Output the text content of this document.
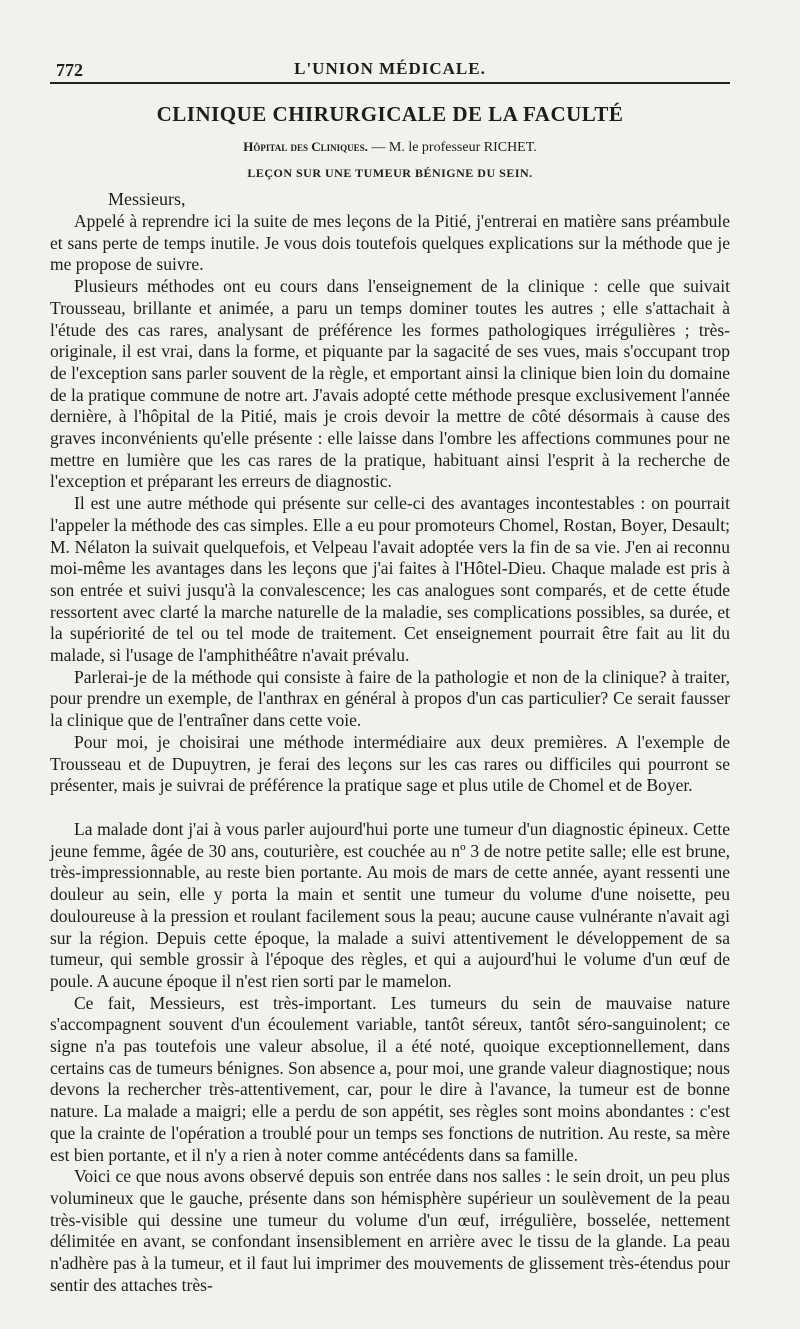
772	L'UNION MÉDICALE.
CLINIQUE CHIRURGICALE DE LA FACULTÉ
Hôpital des Cliniques. — M. le professeur RICHET.
LEÇON SUR UNE TUMEUR BÉNIGNE DU SEIN.
Messieurs,

Appelé à reprendre ici la suite de mes leçons de la Pitié, j'entrerai en matière sans préambule et sans perte de temps inutile. Je vous dois toutefois quelques explications sur la méthode que je me propose de suivre.

Plusieurs méthodes ont eu cours dans l'enseignement de la clinique : celle que suivait Trousseau, brillante et animée, a paru un temps dominer toutes les autres ; elle s'attachait à l'étude des cas rares, analysant de préférence les formes pathologiques irrégulières ; très-originale, il est vrai, dans la forme, et piquante par la sagacité de ses vues, mais s'occupant trop de l'exception sans parler souvent de la règle, et emportant ainsi la clinique bien loin du domaine de la pratique commune de notre art. J'avais adopté cette méthode presque exclusivement l'année dernière, à l'hôpital de la Pitié, mais je crois devoir la mettre de côté désormais à cause des graves inconvénients qu'elle présente : elle laisse dans l'ombre les affections communes pour ne mettre en lumière que les cas rares de la pratique, habituant ainsi l'esprit à la recherche de l'exception et préparant les erreurs de diagnostic.

Il est une autre méthode qui présente sur celle-ci des avantages incontestables : on pourrait l'appeler la méthode des cas simples. Elle a eu pour promoteurs Chomel, Rostan, Boyer, Desault; M. Nélaton la suivait quelquefois, et Velpeau l'avait adoptée vers la fin de sa vie. J'en ai reconnu moi-même les avantages dans les leçons que j'ai faites à l'Hôtel-Dieu. Chaque malade est pris à son entrée et suivi jusqu'à la convalescence; les cas analogues sont comparés, et de cette étude ressortent avec clarté la marche naturelle de la maladie, ses complications possibles, sa durée, et la supériorité de tel ou tel mode de traitement. Cet enseignement pourrait être fait au lit du malade, si l'usage de l'amphithéâtre n'avait prévalu.

Parlerai-je de la méthode qui consiste à faire de la pathologie et non de la clinique? à traiter, pour prendre un exemple, de l'anthrax en général à propos d'un cas particulier? Ce serait fausser la clinique que de l'entraîner dans cette voie.

Pour moi, je choisirai une méthode intermédiaire aux deux premières. A l'exemple de Trousseau et de Dupuytren, je ferai des leçons sur les cas rares ou difficiles qui pourront se présenter, mais je suivrai de préférence la pratique sage et plus utile de Chomel et de Boyer.

La malade dont j'ai à vous parler aujourd'hui porte une tumeur d'un diagnostic épineux. Cette jeune femme, âgée de 30 ans, couturière, est couchée au nº 3 de notre petite salle; elle est brune, très-impressionnable, au reste bien portante. Au mois de mars de cette année, ayant ressenti une douleur au sein, elle y porta la main et sentit une tumeur du volume d'une noisette, peu douloureuse à la pression et roulant facilement sous la peau; aucune cause vulnérante n'avait agi sur la région. Depuis cette époque, la malade a suivi attentivement le développement de sa tumeur, qui semble grossir à l'époque des règles, et qui a aujourd'hui le volume d'un œuf de poule. A aucune époque il n'est rien sorti par le mamelon.

Ce fait, Messieurs, est très-important. Les tumeurs du sein de mauvaise nature s'accompagnent souvent d'un écoulement variable, tantôt séreux, tantôt séro-sanguinolent; ce signe n'a pas toutefois une valeur absolue, il a été noté, quoique exceptionnellement, dans certains cas de tumeurs bénignes. Son absence a, pour moi, une grande valeur diagnostique; nous devons la rechercher très-attentivement, car, pour le dire à l'avance, la tumeur est de bonne nature. La malade a maigri; elle a perdu de son appétit, ses règles sont moins abondantes : c'est que la crainte de l'opération a troublé pour un temps ses fonctions de nutrition. Au reste, sa mère est bien portante, et il n'y a rien à noter comme antécédents dans sa famille.

Voici ce que nous avons observé depuis son entrée dans nos salles : le sein droit, un peu plus volumineux que le gauche, présente dans son hémisphère supérieur un soulèvement de la peau très-visible qui dessine une tumeur du volume d'un œuf, irrégulière, bosselée, nettement délimitée en avant, se confondant insensiblement en arrière avec le tissu de la glande. La peau n'adhère pas à la tumeur, et il faut lui imprimer des mouvements de glissement très-étendus pour sentir des attaches très-
